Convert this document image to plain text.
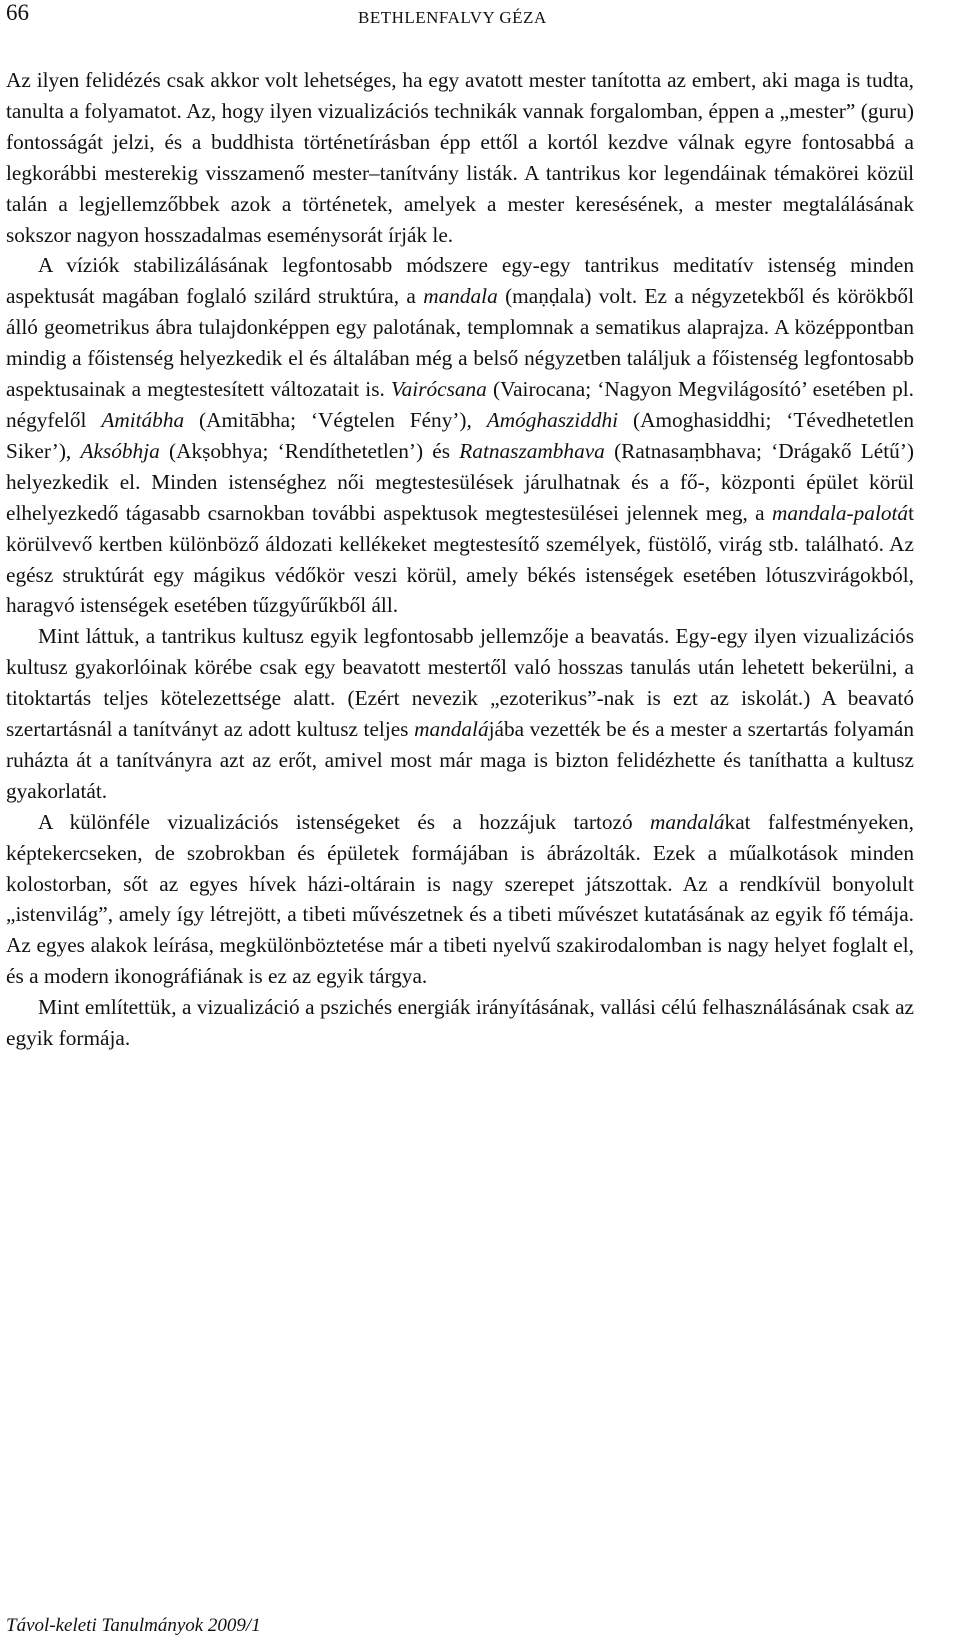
66	BETHLENFALVY GÉZA

Az ilyen felidézés csak akkor volt lehetséges, ha egy avatott mester tanította az embert, aki maga is tudta, tanulta a folyamatot. Az, hogy ilyen vizualizációs technikák vannak forgalomban, éppen a „mester” (guru) fontosságát jelzi, és a buddhista történetírásban épp ettől a kortól kezdve válnak egyre fontosabbá a legkorábbi mesterekig visszamenő mester–tanítvány listák. A tantrikus kor legendáinak témakörei közül talán a legjellemzőbbek azok a történetek, amelyek a mester keresésének, a mester megtalálásának sokszor nagyon hosszadalmas eseménysorát írják le.

A víziók stabilizálásának legfontosabb módszere egy-egy tantrikus meditatív istenség minden aspektusát magában foglaló szilárd struktúra, a mandala (maṇḍala) volt. Ez a négyzetekből és körökből álló geometrikus ábra tulajdonképpen egy palotának, templomnak a sematikus alaprajza. A középpontban mindig a főistenség helyezkedik el és általában még a belső négyzetben találjuk a főistenség legfontosabb aspektusainak a megtestesített változatait is. Vairócsana (Vairocana; ‘Nagyon Megvilágosító’ esetében pl. négyfelől Amitábha (Amitābha; ‘Végtelen Fény’), Amóghasziddhi (Amoghasiddhi; ‘Tévedhetetlen Siker’), Aksóbhja (Akṣobhya; ‘Rendíthetetlen’) és Ratnaszambhava (Ratnasaṃbhava; ‘Drágakő Létű’) helyezkedik el. Minden istenséghez női megtestesülések járulhatnak és a fő-, központi épület körül elhelyezkedő tágasabb csarnokban további aspektusok megtestesülései jelennek meg, a mandala-palotát körülvevő kertben különböző áldozati kellékeket megtestesítő személyek, füstölő, virág stb. található. Az egész struktúrát egy mágikus védőkör veszi körül, amely békés istenségek esetében lótuszvirágokból, haragvó istenségek esetében tűzgyűrűkből áll.

Mint láttuk, a tantrikus kultusz egyik legfontosabb jellemzője a beavatás. Egy-egy ilyen vizualizációs kultusz gyakorlóinak körébe csak egy beavatott mestertől való hosszas tanulás után lehetett bekerülni, a titoktartás teljes kötelezettsége alatt. (Ezért nevezik „ezoterikus”-nak is ezt az iskolát.) A beavató szertartásnál a tanítványt az adott kultusz teljes mandalájába vezették be és a mester a szertartás folyamán ruházta át a tanítványra azt az erőt, amivel most már maga is bizton felidézhette és taníthatta a kultusz gyakorlatát.

A különféle vizualizációs istenségeket és a hozzájuk tartozó mandalákat falfestményeken, képtekercseken, de szobrokban és épületek formájában is ábrázolták. Ezek a műalkotások minden kolostorban, sőt az egyes hívek házi-oltárain is nagy szerepet játszottak. Az a rendkívül bonyolult „istenvilág”, amely így létrejött, a tibeti művészetnek és a tibeti művészet kutatásának az egyik fő témája. Az egyes alakok leírása, megkülönböztetése már a tibeti nyelvű szakirodalomban is nagy helyet foglalt el, és a modern ikonográfiának is ez az egyik tárgya.

Mint említettük, a vizualizáció a pszichés energiák irányításának, vallási célú felhasználásának csak az egyik formája.

Távol-keleti Tanulmányok 2009/1
